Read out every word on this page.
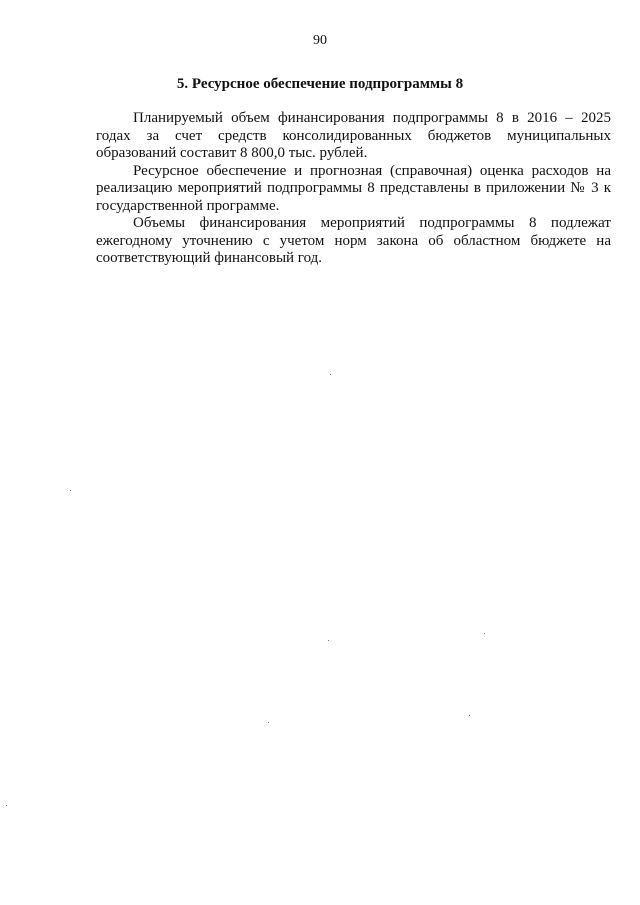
90
5. Ресурсное обеспечение подпрограммы 8

Планируемый объем финансирования подпрограммы 8 в 2016 – 2025 годах за счет средств консолидированных бюджетов муниципальных образований составит 8 800,0 тыс. рублей.

Ресурсное обеспечение и прогнозная (справочная) оценка расходов на реализацию мероприятий подпрограммы 8 представлены в приложении № 3 к государственной программе.

Объемы финансирования мероприятий подпрограммы 8 подлежат ежегодному уточнению с учетом норм закона об областном бюджете на соответствующий финансовый год.
